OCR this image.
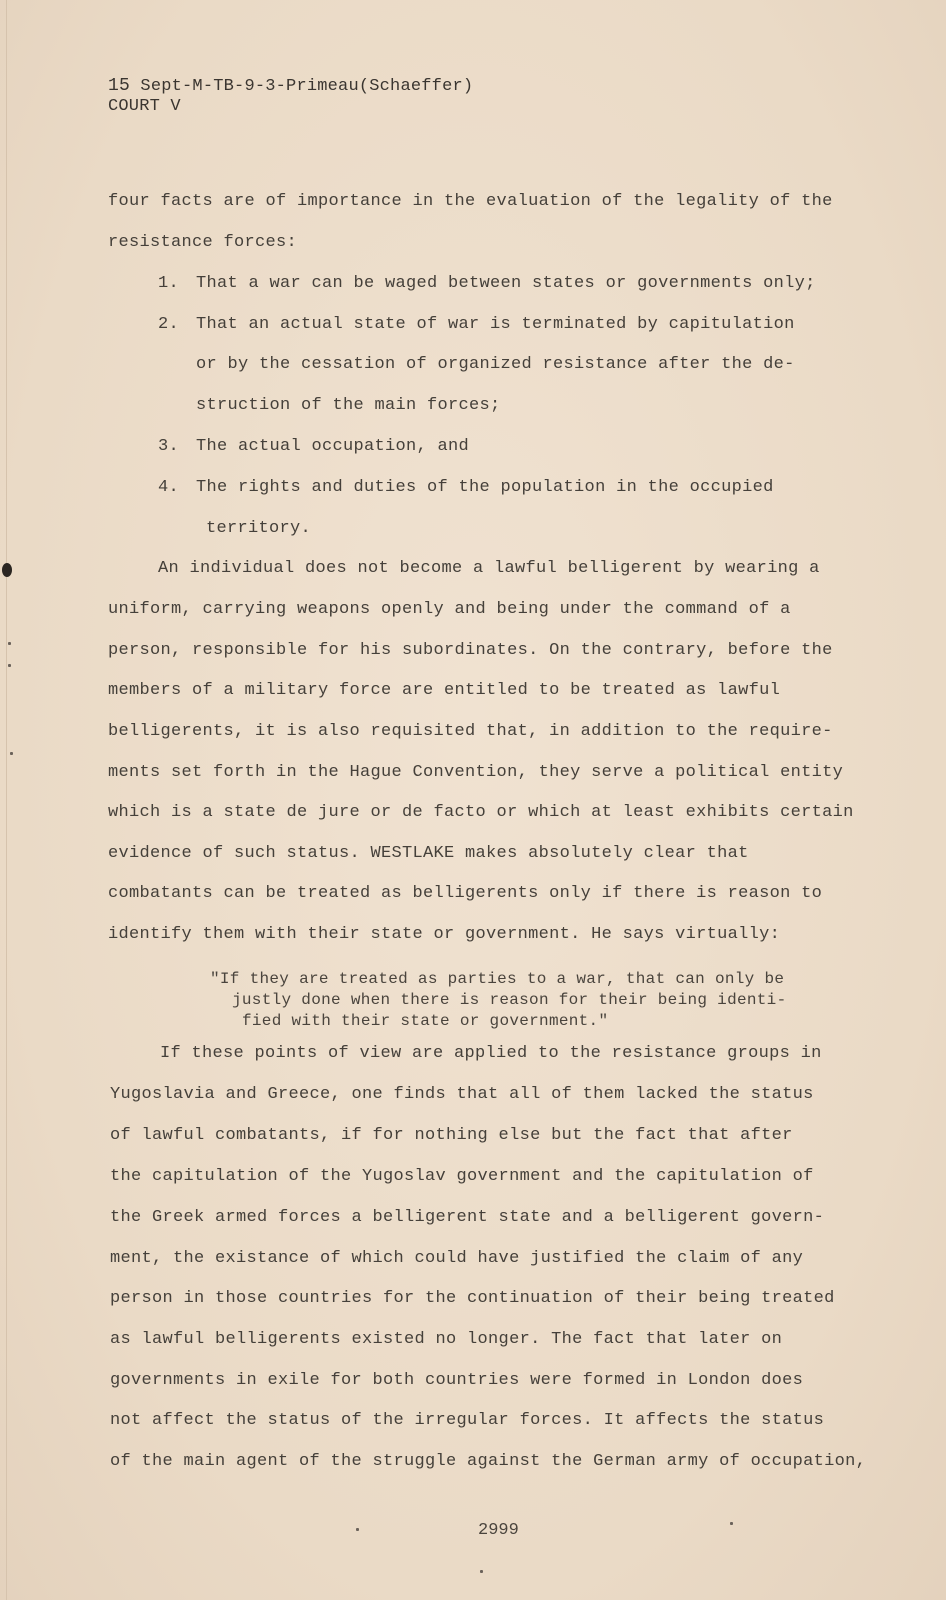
15 Sept-M-TB-9-3-Primeau(Schaeffer)
COURT V
four facts are of importance in the evaluation of the legality of the
resistance forces:
1. That a war can be waged between states or governments only;
2. That an actual state of war is terminated by capitulation
or by the cessation of organized resistance after the de-
struction of the main forces;
3. The actual occupation, and
4. The rights and duties of the population in the occupied
territory.
An individual does not become a lawful belligerent by wearing a
uniform, carrying weapons openly and being under the command of a
person, responsible for his subordinates. On the contrary, before the
members of a military force are entitled to be treated as lawful
belligerents, it is also requisited that, in addition to the require-
ments set forth in the Hague Convention, they serve a political entity
which is a state de jure or de facto or which at least exhibits certain
evidence of such status. WESTLAKE makes absolutely clear that
combatants can be treated as belligerents only if there is reason to
identify them with their state or government. He says virtually:
"If they are treated as parties to a war, that can only be
justly done when there is reason for their being identi-
fied with their state or government."
If these points of view are applied to the resistance groups in
Yugoslavia and Greece, one finds that all of them lacked the status
of lawful combatants, if for nothing else but the fact that after
the capitulation of the Yugoslav government and the capitulation of
the Greek armed forces a belligerent state and a belligerent govern-
ment, the existance of which could have justified the claim of any
person in those countries for the continuation of their being treated
as lawful belligerents existed no longer. The fact that later on
governments in exile for both countries were formed in London does
not affect the status of the irregular forces. It affects the status
of the main agent of the struggle against the German army of occupation,
2999
